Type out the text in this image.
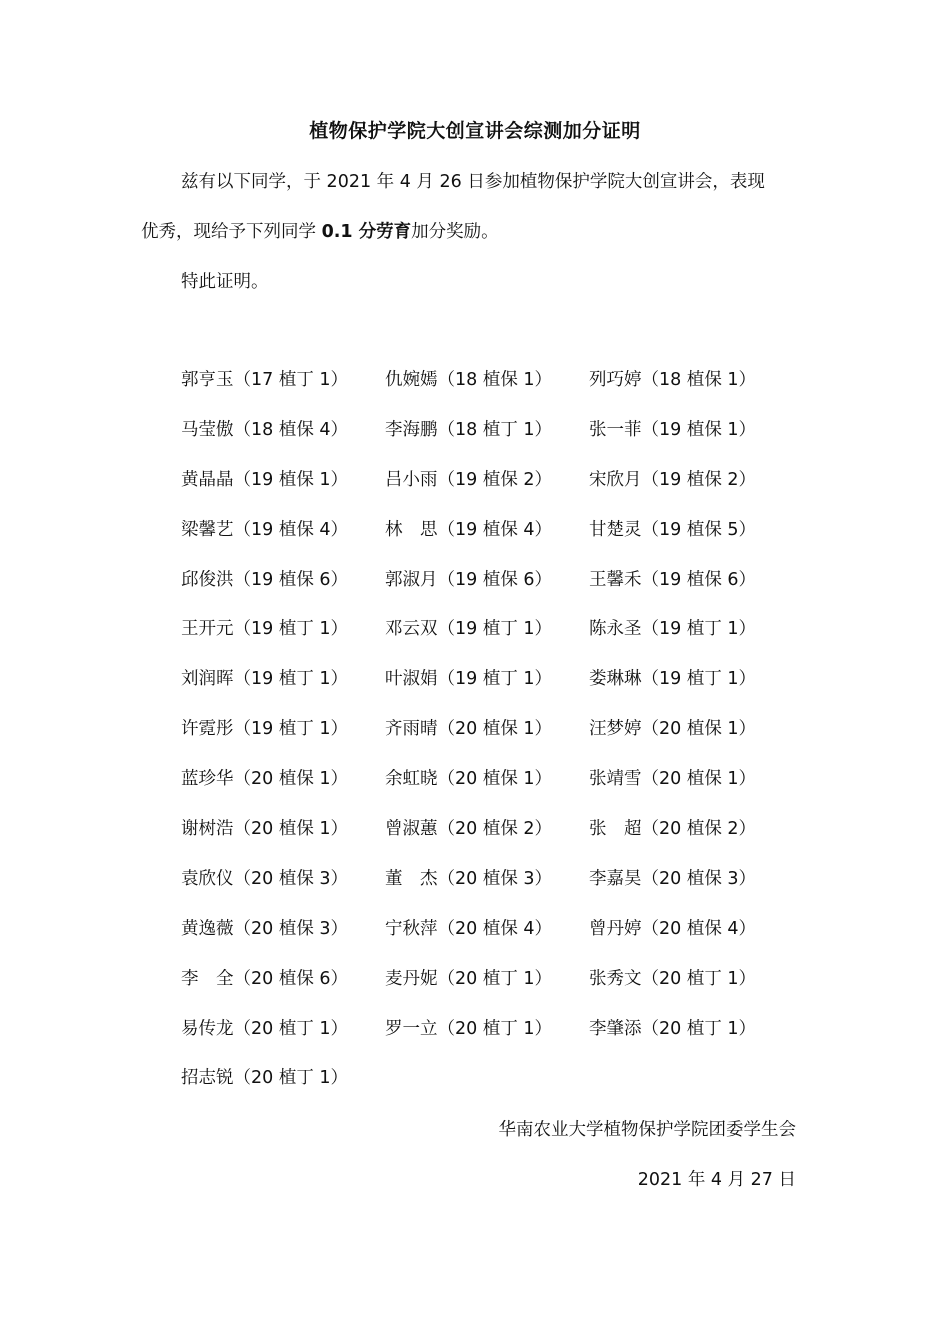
植物保护学院大创宣讲会综测加分证明
兹有以下同学，于 2021 年 4 月 26 日参加植物保护学院大创宣讲会，表现
优秀，现给予下列同学 0.1 分劳育加分奖励。
特此证明。
郭亨玉（17 植丁 1）	仇婉嫣（18 植保 1）	列巧婷（18 植保 1）
马莹傲（18 植保 4）	李海鹏（18 植丁 1）	张一菲（19 植保 1）
黄晶晶（19 植保 1）	吕小雨（19 植保 2）	宋欣月（19 植保 2）
梁馨艺（19 植保 4）	林　思（19 植保 4）	甘楚灵（19 植保 5）
邱俊洪（19 植保 6）	郭淑月（19 植保 6）	王馨禾（19 植保 6）
王开元（19 植丁 1）	邓云双（19 植丁 1）	陈永圣（19 植丁 1）
刘润晖（19 植丁 1）	叶淑娟（19 植丁 1）	娄琳琳（19 植丁 1）
许霓彤（19 植丁 1）	齐雨晴（20 植保 1）	汪梦婷（20 植保 1）
蓝珍华（20 植保 1）	余虹晓（20 植保 1）	张靖雪（20 植保 1）
谢树浩（20 植保 1）	曾淑蕙（20 植保 2）	张　超（20 植保 2）
袁欣仪（20 植保 3）	董　杰（20 植保 3）	李嘉昊（20 植保 3）
黄逸薇（20 植保 3）	宁秋萍（20 植保 4）	曾丹婷（20 植保 4）
李　全（20 植保 6）	麦丹妮（20 植丁 1）	张秀文（20 植丁 1）
易传龙（20 植丁 1）	罗一立（20 植丁 1）	李肇添（20 植丁 1）
招志锐（20 植丁 1）
华南农业大学植物保护学院团委学生会
2021 年 4 月 27 日
